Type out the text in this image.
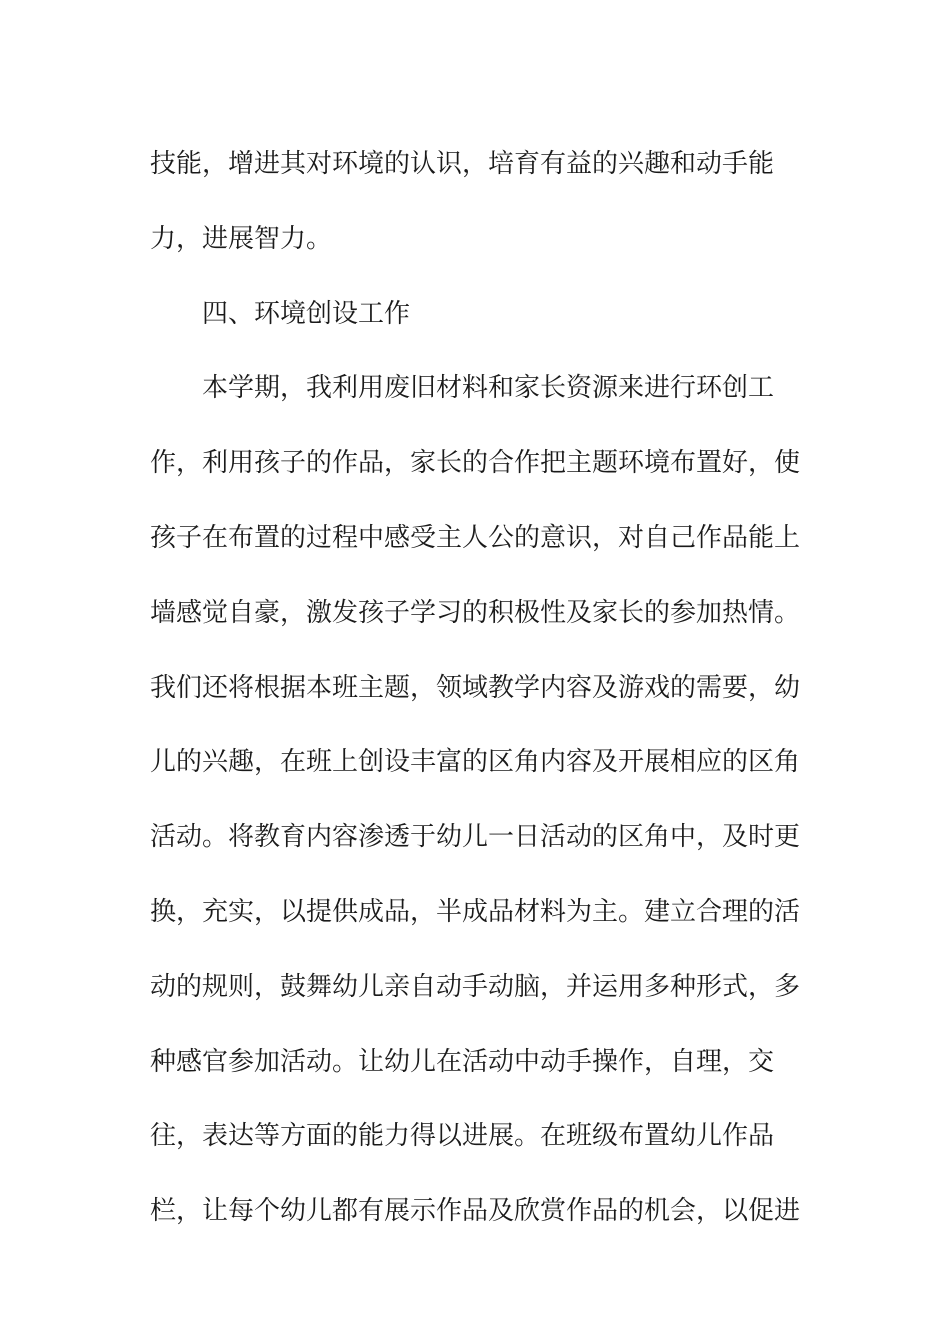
技能，增进其对环境的认识，培育有益的兴趣和动手能
力，进展智力。
四、环境创设工作
本学期，我利用废旧材料和家长资源来进行环创工
作，利用孩子的作品，家长的合作把主题环境布置好，使
孩子在布置的过程中感受主人公的意识，对自己作品能上
墙感觉自豪，激发孩子学习的积极性及家长的参加热情。
我们还将根据本班主题，领域教学内容及游戏的需要，幼
儿的兴趣，在班上创设丰富的区角内容及开展相应的区角
活动。将教育内容渗透于幼儿一日活动的区角中，及时更
换，充实，以提供成品，半成品材料为主。建立合理的活
动的规则，鼓舞幼儿亲自动手动脑，并运用多种形式，多
种感官参加活动。让幼儿在活动中动手操作，自理，交
往，表达等方面的能力得以进展。在班级布置幼儿作品
栏，让每个幼儿都有展示作品及欣赏作品的机会，以促进
